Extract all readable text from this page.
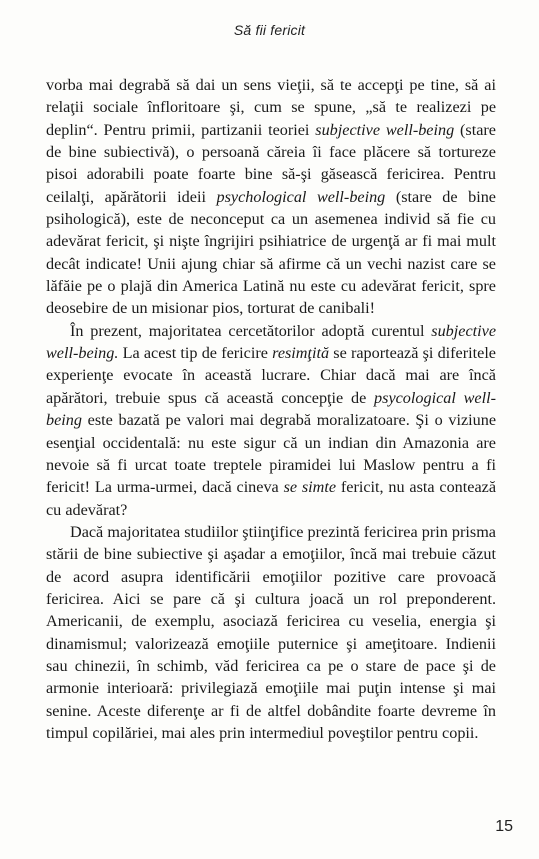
Să fii fericit

vorba mai degrabă să dai un sens vieţii, să te accepţi pe tine, să ai relaţii sociale înfloritoare şi, cum se spune, „să te realizezi pe deplin“. Pentru primii, partizanii teoriei subjective well-being (stare de bine subiectivă), o persoană căreia îi face plăcere să tortureze pisoi adorabili poate foarte bine să-şi găsească fericirea. Pentru ceilalţi, apărătorii ideii psychological well-being (stare de bine psihologică), este de neconceput ca un asemenea individ să fie cu adevărat fericit, şi nişte îngrijiri psihiatrice de urgenţă ar fi mai mult decât indicate! Unii ajung chiar să afirme că un vechi nazist care se lăfăie pe o plajă din America Latină nu este cu adevărat fericit, spre deosebire de un misionar pios, torturat de canibali!

În prezent, majoritatea cercetătorilor adoptă curentul subjective well-being. La acest tip de fericire resimţită se raportează şi diferitele experienţe evocate în această lucrare. Chiar dacă mai are încă apărători, trebuie spus că această concepţie de psycological well-being este bazată pe valori mai degrabă moralizatoare. Şi o viziune esenţial occidentală: nu este sigur că un indian din Amazonia are nevoie să fi urcat toate treptele piramidei lui Maslow pentru a fi fericit! La urma-urmei, dacă cineva se simte fericit, nu asta contează cu adevărat?

Dacă majoritatea studiilor ştiinţifice prezintă fericirea prin prisma stării de bine subiective şi aşadar a emoţiilor, încă mai trebuie căzut de acord asupra identificării emoţiilor pozitive care provoacă fericirea. Aici se pare că şi cultura joacă un rol preponderent. Americanii, de exemplu, asociază fericirea cu veselia, energia şi dinamismul; valorizează emoţiile puternice şi ameţitoare. Indienii sau chinezii, în schimb, văd fericirea ca pe o stare de pace şi de armonie interioară: privilegiază emoţiile mai puţin intense şi mai senine. Aceste diferenţe ar fi de altfel dobândite foarte devreme în timpul copilăriei, mai ales prin intermediul poveştilor pentru copii.

15
